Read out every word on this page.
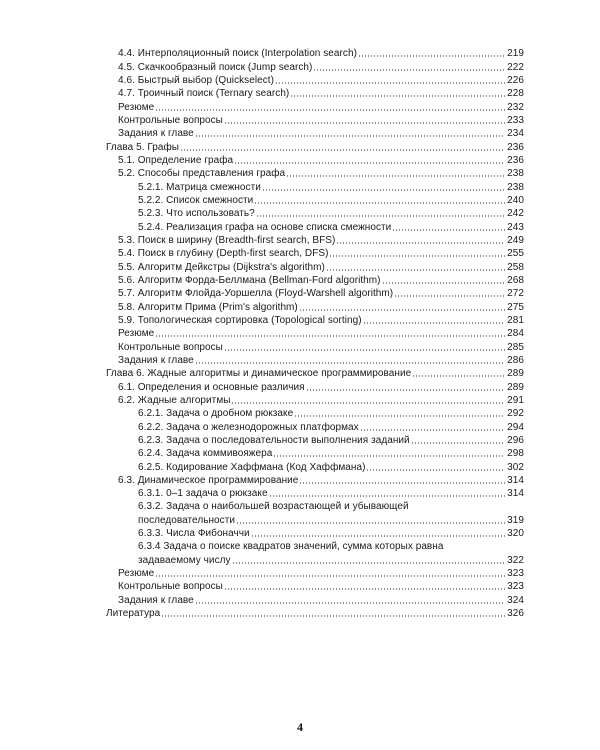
4.4. Интерполяционный поиск (Interpolation search)	219
4.5. Скачкообразный поиск (Jump search)	222
4.6. Быстрый выбор (Quickselect)	226
4.7. Троичный поиск (Ternary search)	228
Резюме	232
Контрольные вопросы	233
Задания к главе	234
Глава 5. Графы	236
5.1. Определение графа	236
5.2. Способы представления графа	238
5.2.1. Матрица смежности	238
5.2.2. Список смежности	240
5.2.3. Что использовать?	242
5.2.4. Реализация графа на основе списка смежности	243
5.3. Поиск в ширину (Breadth-first search, BFS)	249
5.4. Поиск в глубину (Depth-first search, DFS)	255
5.5. Алгоритм Дейкстры (Dijkstra's algorithm)	258
5.6. Алгоритм Форда-Беллмана (Bellman-Ford algorithm)	268
5.7. Алгоритм Флойда-Уоршелла (Floyd-Warshell algorithm)	272
5.8. Алгоритм Прима (Prim's algorithm)	275
5.9. Топологическая сортировка (Topological sorting)	281
Резюме	284
Контрольные вопросы	285
Задания к главе	286
Глава 6. Жадные алгоритмы и динамическое программирование	289
6.1. Определения и основные различия	289
6.2. Жадные алгоритмы	291
6.2.1. Задача о дробном рюкзаке	292
6.2.2. Задача о железнодорожных платформах	294
6.2.3. Задача о последовательности выполнения заданий	296
6.2.4. Задача коммивояжера	298
6.2.5. Кодирование Хаффмана (Код Хаффмана)	302
6.3. Динамическое программирование	314
6.3.1. 0–1 задача о рюкзаке	314
6.3.2. Задача о наибольшей возрастающей и убывающей
последовательности	319
6.3.3. Числа Фибоначчи	320
6.3.4 Задача о поиске квадратов значений, сумма которых равна
задаваемому числу	322
Резюме	323
Контрольные вопросы	323
Задания к главе	324
Литература	326
4
